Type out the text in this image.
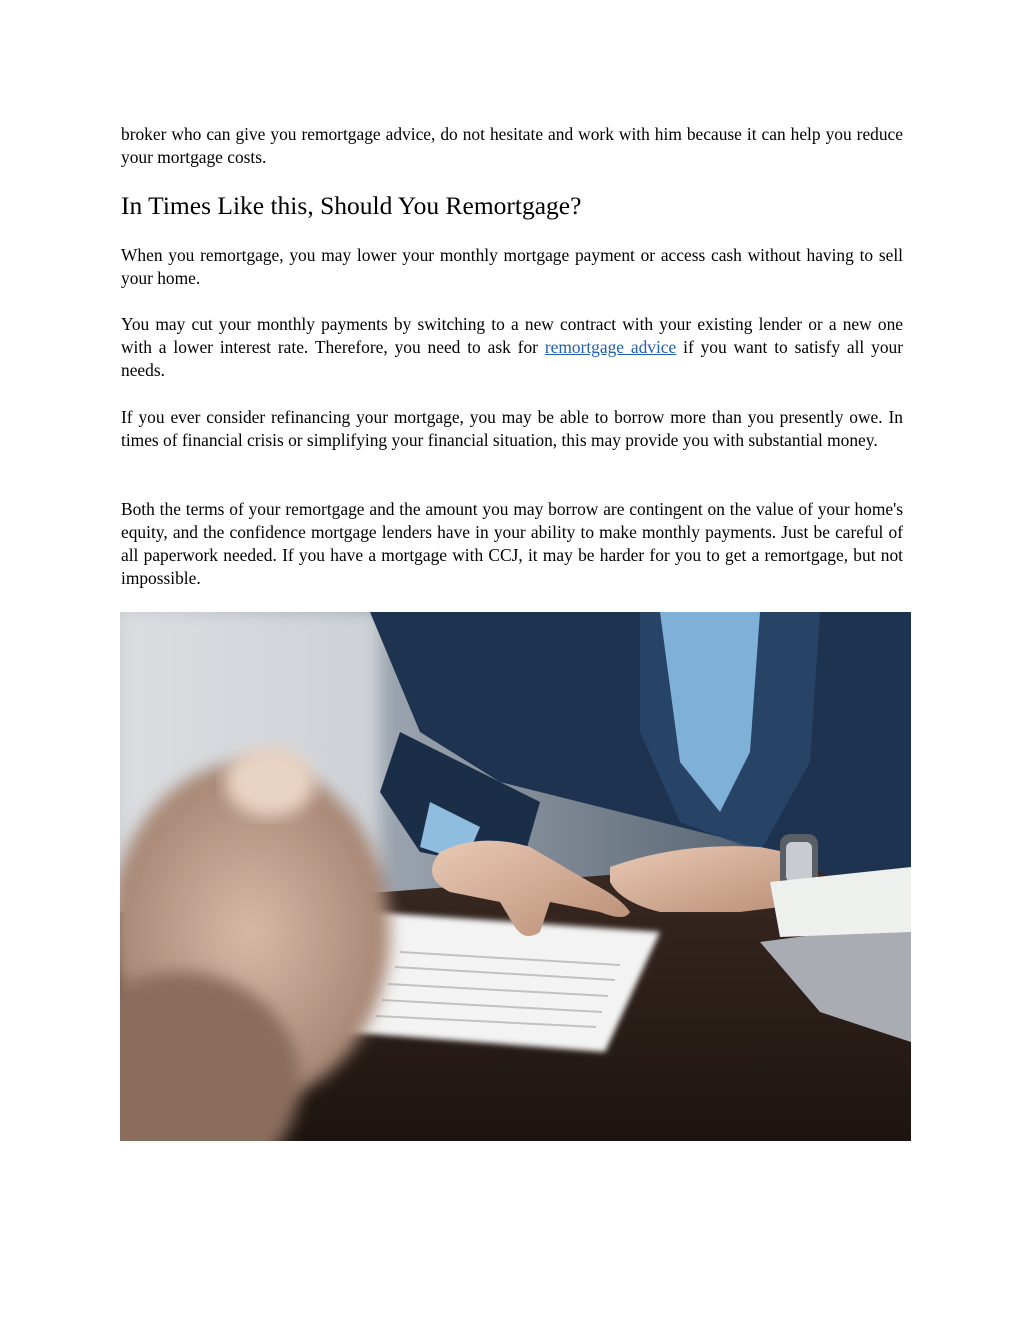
broker who can give you remortgage advice, do not hesitate and work with him because it can help you reduce your mortgage costs.

In Times Like this, Should You Remortgage?

When you remortgage, you may lower your monthly mortgage payment or access cash without having to sell your home.

You may cut your monthly payments by switching to a new contract with your existing lender or a new one with a lower interest rate. Therefore, you need to ask for remortgage advice if you want to satisfy all your needs.

If you ever consider refinancing your mortgage, you may be able to borrow more than you presently owe. In times of financial crisis or simplifying your financial situation, this may provide you with substantial money.

Both the terms of your remortgage and the amount you may borrow are contingent on the value of your home's equity, and the confidence mortgage lenders have in your ability to make monthly payments. Just be careful of all paperwork needed. If you have a mortgage with CCJ, it may be harder for you to get a remortgage, but not impossible.
